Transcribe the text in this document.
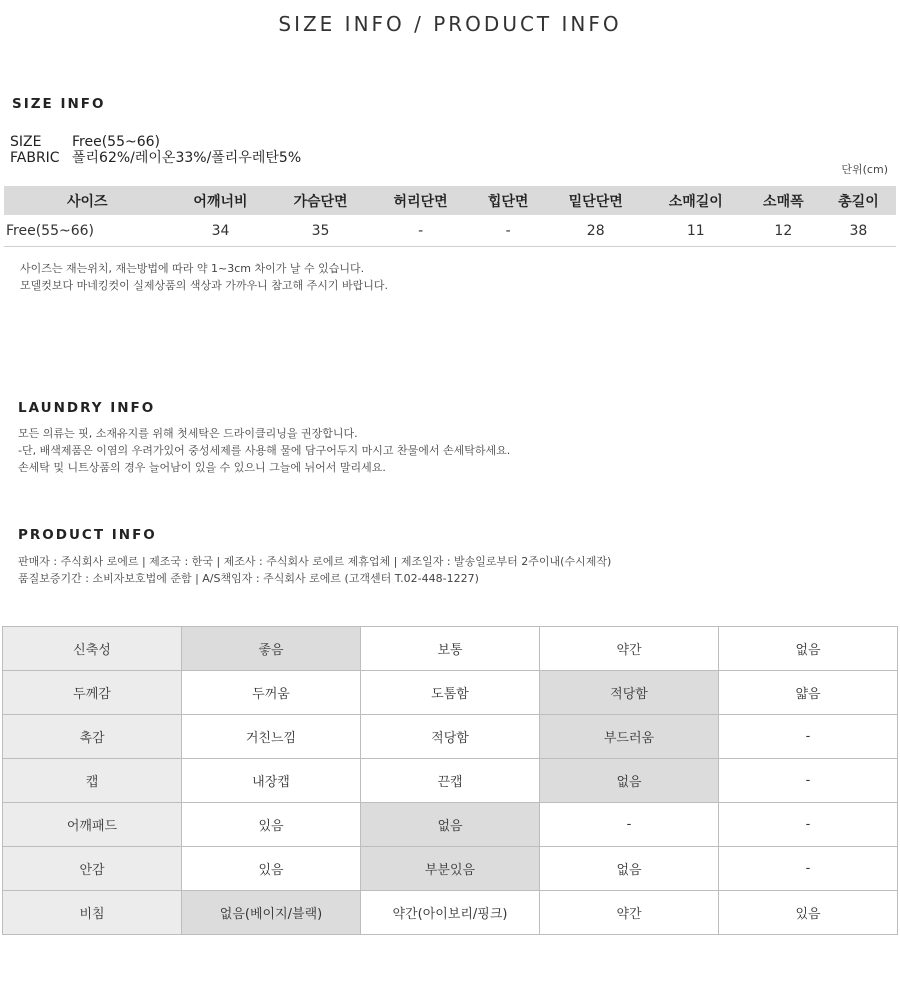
SIZE INFO / PRODUCT INFO
SIZE INFO
SIZE	Free(55~66)
FABRIC 폴리62%/레이온33%/폴리우레탄5%
단위(cm)
사이즈	어깨너비	가슴단면	허리단면	힙단면	밑단단면	소매길이	소매폭	총길이
Free(55~66)	34	35	-	-	28	11	12	38
사이즈는 재는위치, 재는방법에 따라 약 1~3cm 차이가 날 수 있습니다.
모델컷보다 마네킹컷이 실제상품의 색상과 가까우니 참고해 주시기 바랍니다.
LAUNDRY INFO
모든 의류는 핏, 소재유지를 위해 첫세탁은 드라이클리닝을 권장합니다.
-단, 배색제품은 이염의 우려가있어 중성세제를 사용해 물에 담구어두지 마시고 찬물에서 손세탁하세요.
손세탁 및 니트상품의 경우 늘어남이 있을 수 있으니 그늘에 뉘어서 말리세요.
PRODUCT INFO
판매자 : 주식회사 로에르 | 제조국 : 한국 | 제조사 : 주식회사 로에르 제휴업체 | 제조일자 : 발송일로부터 2주이내(수시제작)
품질보증기간 : 소비자보호법에 준함 | A/S책임자 : 주식회사 로에르 (고객센터 T.02-448-1227)
신축성	좋음	보통	약간	없음
두께감	두꺼움	도톰함	적당함	얇음
촉감	거친느낌	적당함	부드러움	-
캡	내장캡	끈캡	없음	-
어깨패드	있음	없음	-	-
안감	있음	부분있음	없음	-
비침	없음(베이지/블랙)	약간(아이보리/핑크)	약간	있음
